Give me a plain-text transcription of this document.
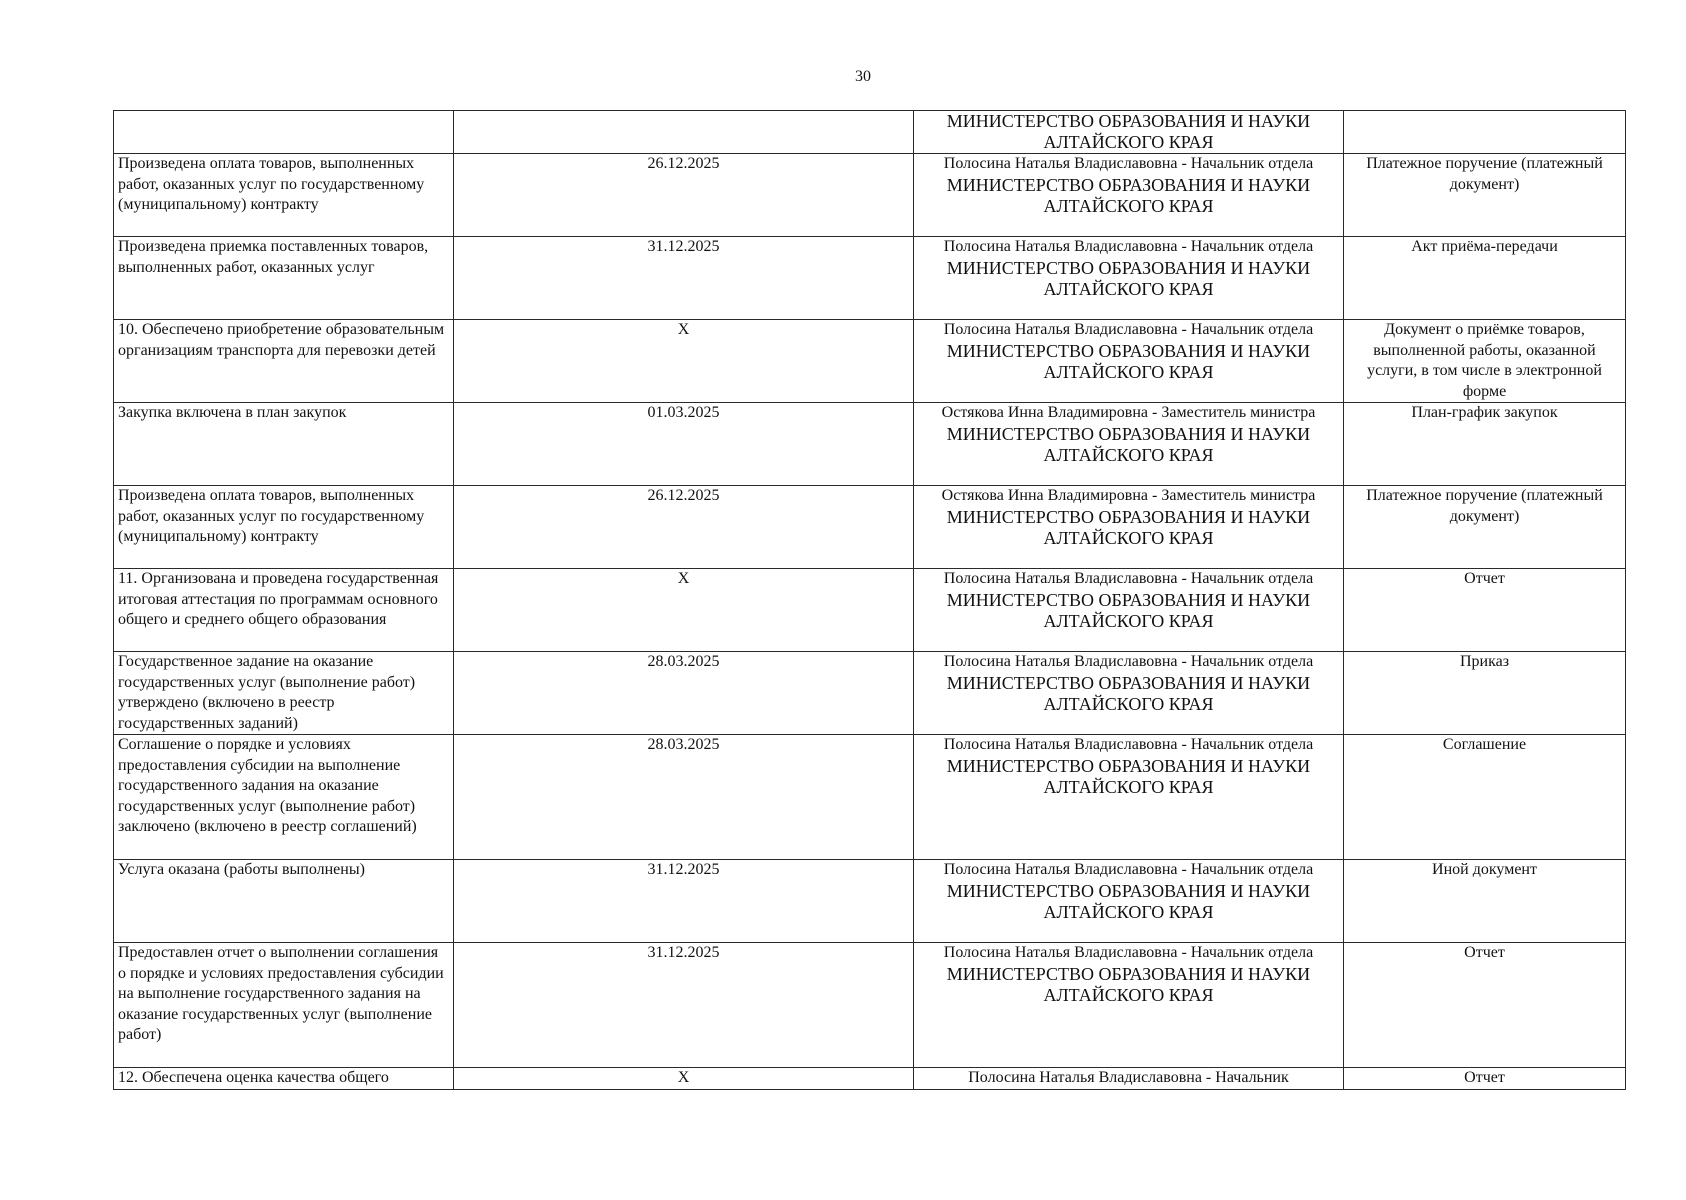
30

		МИНИСТЕРСТВО ОБРАЗОВАНИЯ И НАУКИ АЛТАЙСКОГО КРАЯ	

Произведена оплата товаров, выполненных работ, оказанных услуг по государственному (муниципальному) контракту	26.12.2025	Полосина Наталья Владиславовна - Начальник отдела
МИНИСТЕРСТВО ОБРАЗОВАНИЯ И НАУКИ АЛТАЙСКОГО КРАЯ	Платежное поручение (платежный документ)
Произведена приемка поставленных товаров, выполненных работ, оказанных услуг	31.12.2025	Полосина Наталья Владиславовна - Начальник отдела
МИНИСТЕРСТВО ОБРАЗОВАНИЯ И НАУКИ АЛТАЙСКОГО КРАЯ	Акт приёма-передачи
10. Обеспечено приобретение образовательным организациям транспорта для перевозки детей	X	Полосина Наталья Владиславовна - Начальник отдела
МИНИСТЕРСТВО ОБРАЗОВАНИЯ И НАУКИ АЛТАЙСКОГО КРАЯ	Документ о приёмке товаров, выполненной работы, оказанной услуги, в том числе в электронной форме
Закупка включена в план закупок	01.03.2025	Остякова Инна Владимировна - Заместитель министра
МИНИСТЕРСТВО ОБРАЗОВАНИЯ И НАУКИ АЛТАЙСКОГО КРАЯ	План-график закупок
Произведена оплата товаров, выполненных работ, оказанных услуг по государственному (муниципальному) контракту	26.12.2025	Остякова Инна Владимировна - Заместитель министра
МИНИСТЕРСТВО ОБРАЗОВАНИЯ И НАУКИ АЛТАЙСКОГО КРАЯ	Платежное поручение (платежный документ)
11. Организована и проведена государственная итоговая аттестация по программам основного общего и среднего общего образования	X	Полосина Наталья Владиславовна - Начальник отдела
МИНИСТЕРСТВО ОБРАЗОВАНИЯ И НАУКИ АЛТАЙСКОГО КРАЯ	Отчет
Государственное задание на оказание государственных услуг (выполнение работ) утверждено (включено в реестр государственных заданий)	28.03.2025	Полосина Наталья Владиславовна - Начальник отдела
МИНИСТЕРСТВО ОБРАЗОВАНИЯ И НАУКИ АЛТАЙСКОГО КРАЯ	Приказ
Соглашение о порядке и условиях предоставления субсидии на выполнение государственного задания на оказание государственных услуг (выполнение работ) заключено (включено в реестр соглашений)	28.03.2025	Полосина Наталья Владиславовна - Начальник отдела
МИНИСТЕРСТВО ОБРАЗОВАНИЯ И НАУКИ АЛТАЙСКОГО КРАЯ	Соглашение
Услуга оказана (работы выполнены)	31.12.2025	Полосина Наталья Владиславовна - Начальник отдела
МИНИСТЕРСТВО ОБРАЗОВАНИЯ И НАУКИ АЛТАЙСКОГО КРАЯ	Иной документ
Предоставлен отчет о выполнении соглашения о порядке и условиях предоставления субсидии на выполнение государственного задания на оказание государственных услуг (выполнение работ)	31.12.2025	Полосина Наталья Владиславовна - Начальник отдела
МИНИСТЕРСТВО ОБРАЗОВАНИЯ И НАУКИ АЛТАЙСКОГО КРАЯ	Отчет
12. Обеспечена оценка качества общего	X	Полосина Наталья Владиславовна - Начальник	Отчет
